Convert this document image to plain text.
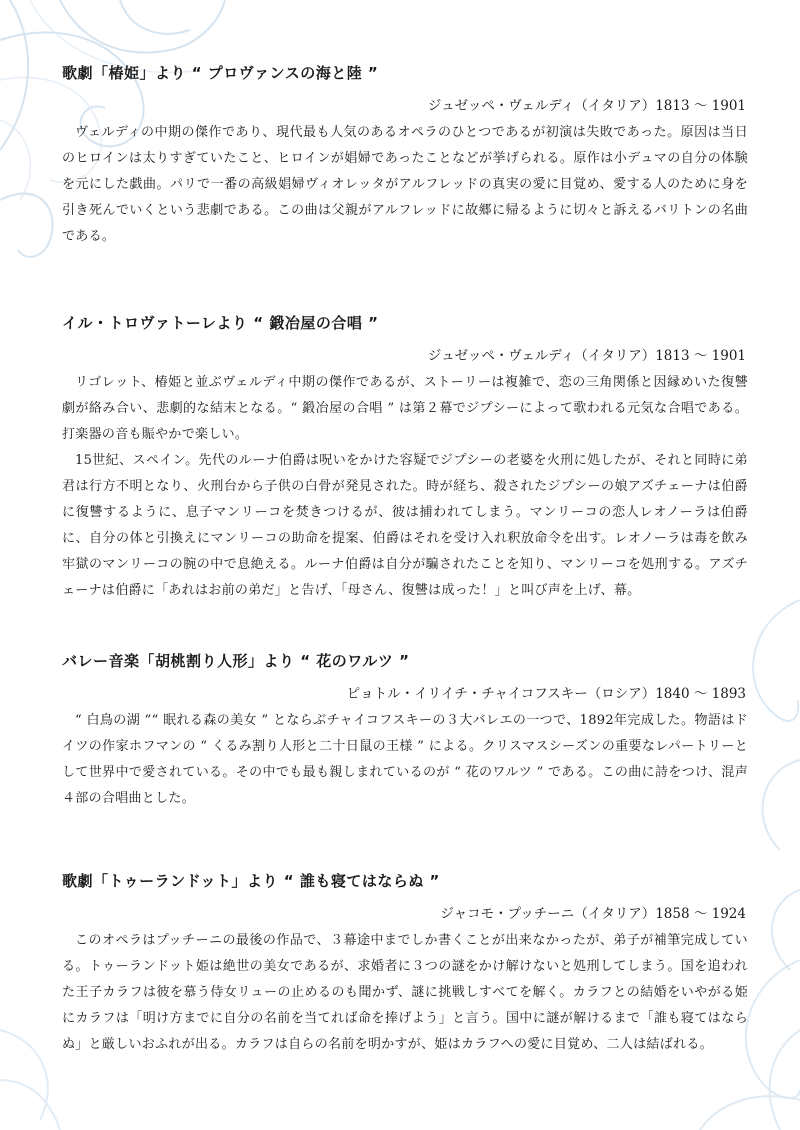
歌劇「椿姫」より “ プロヴァンスの海と陸 ”
ジュゼッペ・ヴェルディ（イタリア）1813 ～ 1901

ヴェルディの中期の傑作であり、現代最も人気のあるオペラのひとつであるが初演は失敗であった。原因は当日のヒロインは太りすぎていたこと、ヒロインが娼婦であったことなどが挙げられる。原作は小デュマの自分の体験を元にした戯曲。パリで一番の高級娼婦ヴィオレッタがアルフレッドの真実の愛に目覚め、愛する人のために身を引き死んでいくという悲劇である。この曲は父親がアルフレッドに故郷に帰るように切々と訴えるバリトンの名曲である。

イル・トロヴァトーレより “ 鍛冶屋の合唱 ”
ジュゼッペ・ヴェルディ（イタリア）1813 ～ 1901

リゴレット、椿姫と並ぶヴェルディ中期の傑作であるが、ストーリーは複雑で、恋の三角関係と因縁めいた復讐劇が絡み合い、悲劇的な結末となる。“ 鍛冶屋の合唱 ” は第２幕でジプシーによって歌われる元気な合唱である。打楽器の音も賑やかで楽しい。

15世紀、スペイン。先代のルーナ伯爵は呪いをかけた容疑でジプシーの老婆を火刑に処したが、それと同時に弟君は行方不明となり、火刑台から子供の白骨が発見された。時が経ち、殺されたジプシーの娘アズチェーナは伯爵に復讐するように、息子マンリーコを焚きつけるが、彼は捕われてしまう。マンリーコの恋人レオノーラは伯爵に、自分の体と引換えにマンリーコの助命を提案、伯爵はそれを受け入れ釈放命令を出す。レオノーラは毒を飲み牢獄のマンリーコの腕の中で息絶える。ルーナ伯爵は自分が騙されたことを知り、マンリーコを処刑する。アズチェーナは伯爵に「あれはお前の弟だ」と告げ、「母さん、復讐は成った！」と叫び声を上げ、幕。

バレー音楽「胡桃割り人形」より “ 花のワルツ ”
ピョトル・イリイチ・チャイコフスキー（ロシア）1840 ～ 1893

“ 白鳥の湖 ”“ 眠れる森の美女 ” とならぶチャイコフスキーの３大バレエの一つで、1892年完成した。物語はドイツの作家ホフマンの “ くるみ割り人形と二十日鼠の王様 ” による。クリスマスシーズンの重要なレパートリーとして世界中で愛されている。その中でも最も親しまれているのが “ 花のワルツ ” である。この曲に詩をつけ、混声４部の合唱曲とした。

歌劇「トゥーランドット」より “ 誰も寝てはならぬ ”
ジャコモ・プッチーニ（イタリア）1858 ～ 1924

このオペラはプッチーニの最後の作品で、３幕途中までしか書くことが出来なかったが、弟子が補筆完成している。トゥーランドット姫は絶世の美女であるが、求婚者に３つの謎をかけ解けないと処刑してしまう。国を追われた王子カラフは彼を慕う侍女リューの止めるのも聞かず、謎に挑戦しすべてを解く。カラフとの結婚をいやがる姫にカラフは「明け方までに自分の名前を当てれば命を捧げよう」と言う。国中に謎が解けるまで「誰も寝てはならぬ」と厳しいおふれが出る。カラフは自らの名前を明かすが、姫はカラフへの愛に目覚め、二人は結ばれる。
